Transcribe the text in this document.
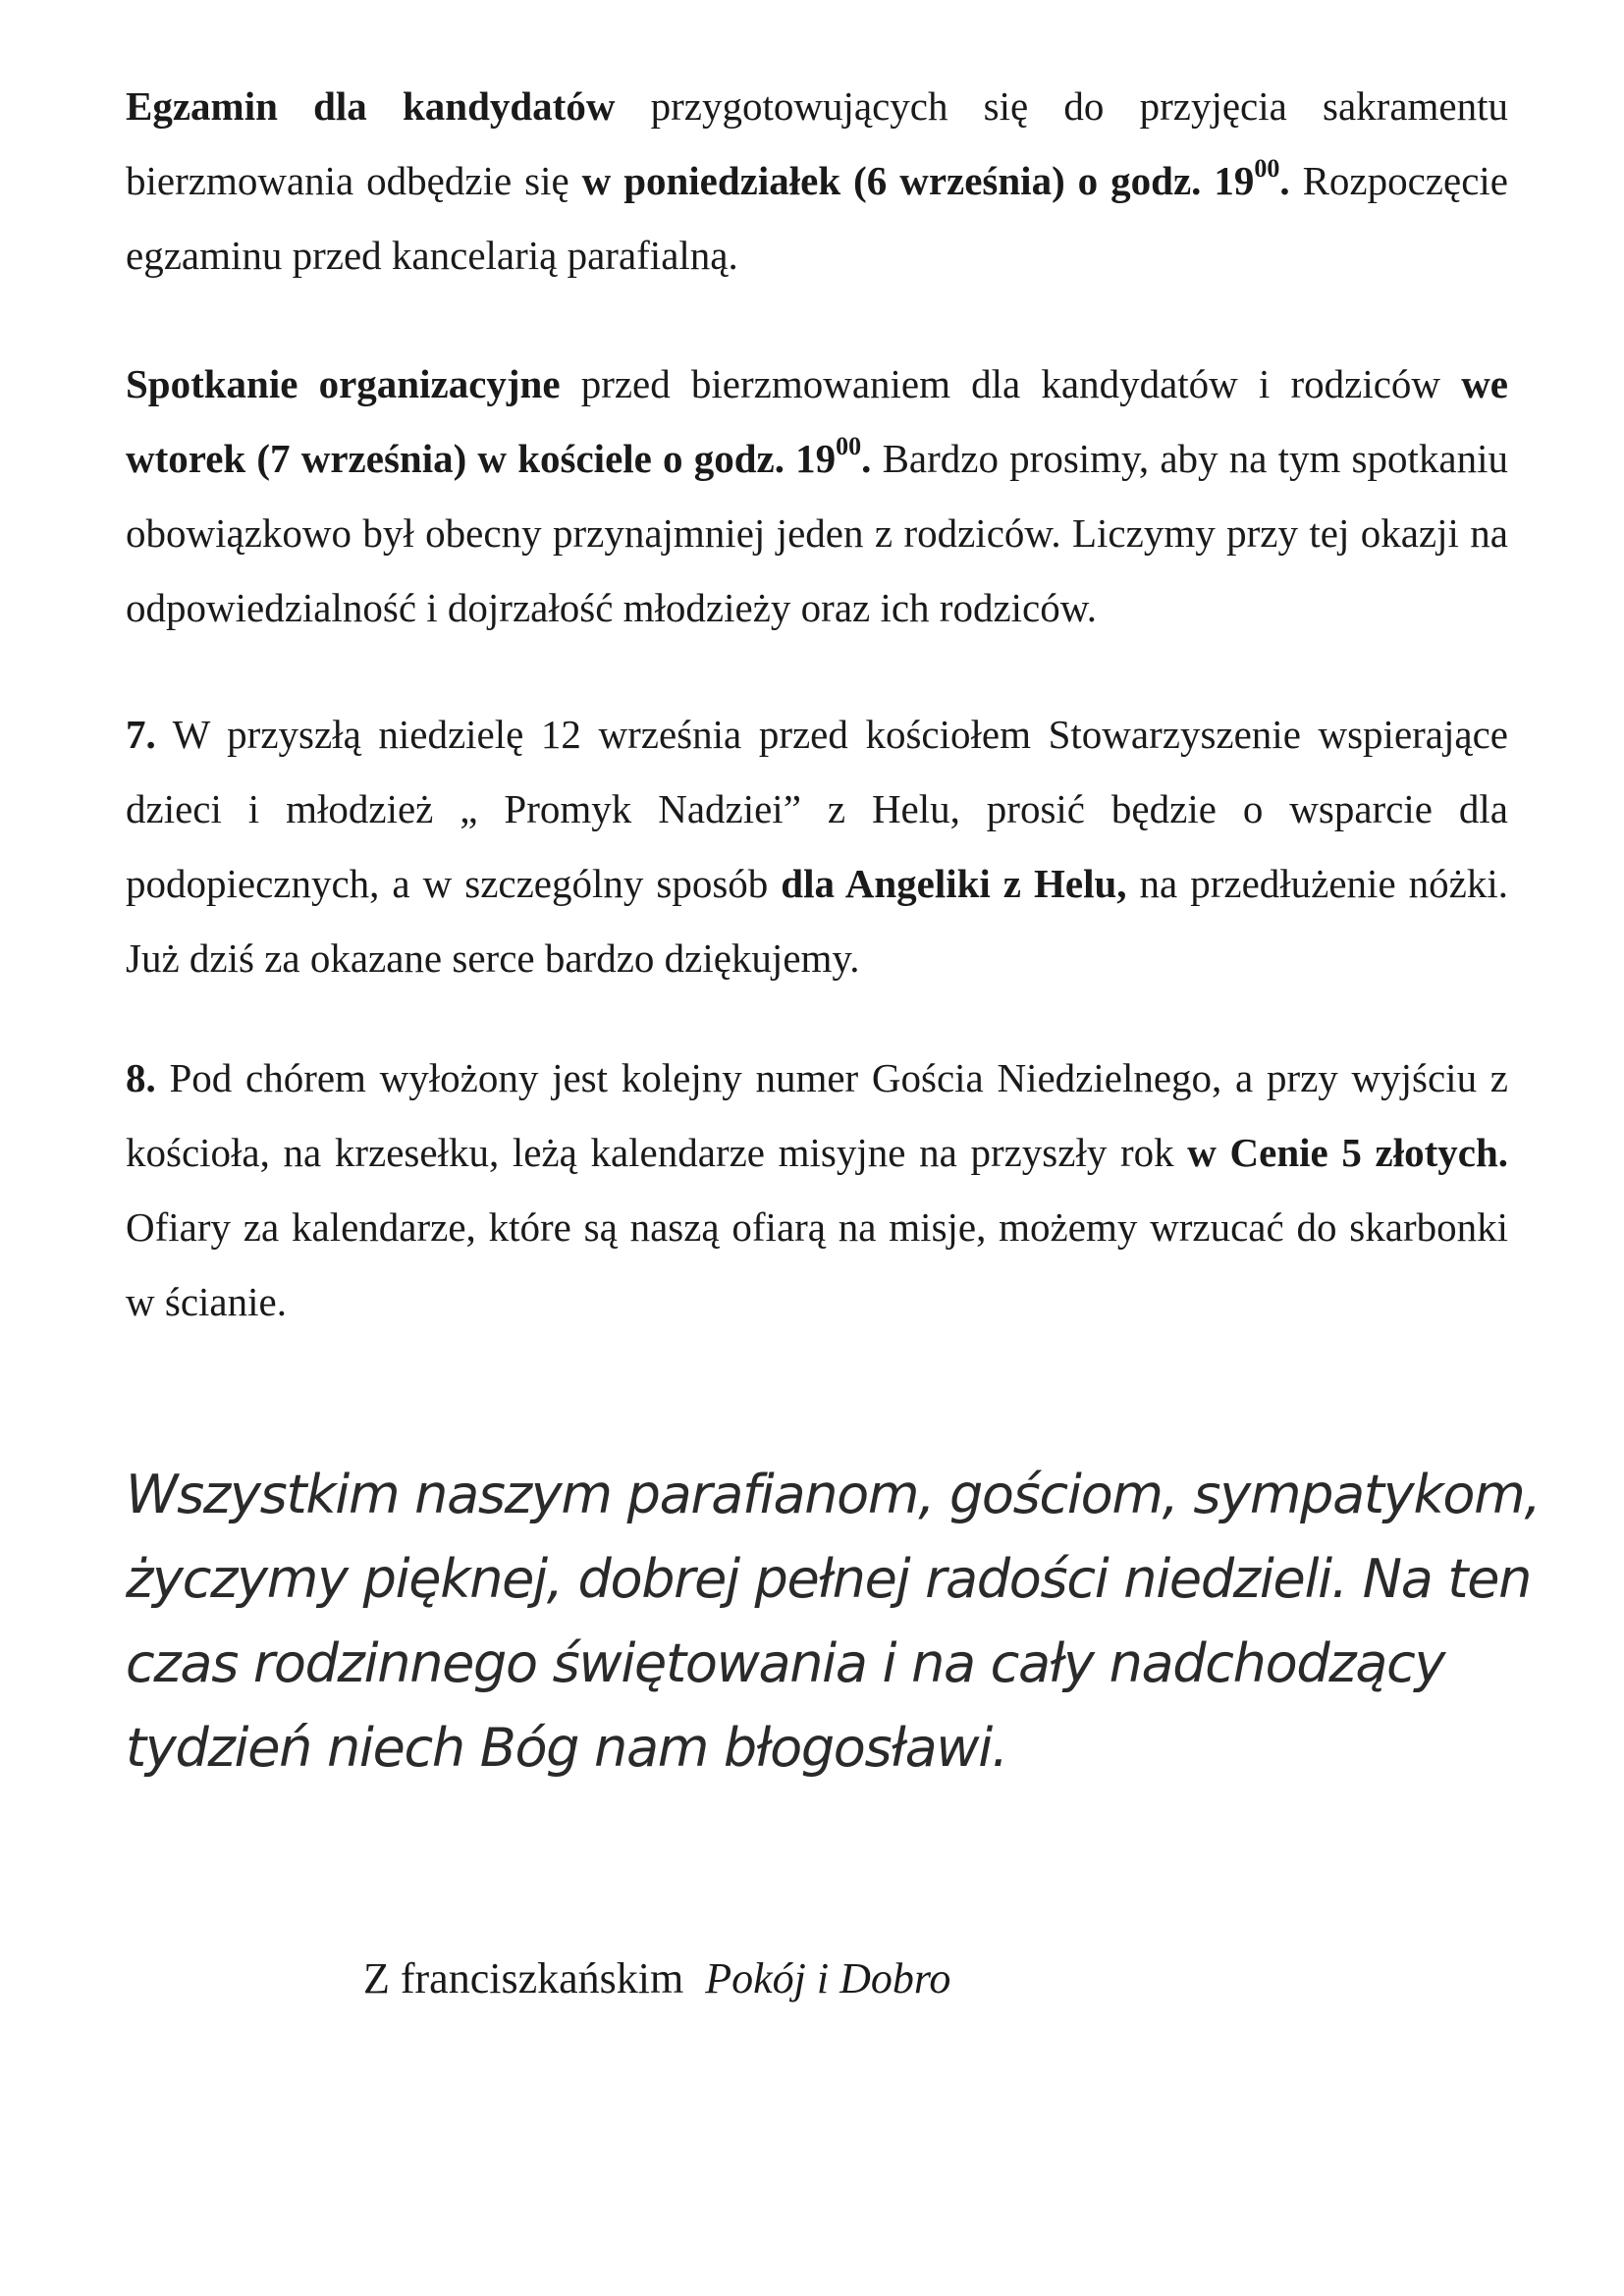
Egzamin dla kandydatów przygotowujących się do przyjęcia sakramentu bierzmowania odbędzie się w poniedziałek (6 września) o godz. $19^{00}$. Rozpoczęcie egzaminu przed kancelarią parafialną.

Spotkanie organizacyjne przed bierzmowaniem dla kandydatów i rodziców we wtorek (7 września) w kościele o godz. $19^{00}$. Bardzo prosimy, aby na tym spotkaniu obowiązkowo był obecny przynajmniej jeden z rodziców. Liczymy przy tej okazji na odpowiedzialność i dojrzałość młodzieży oraz ich rodziców.

7. W przyszłą niedzielę 12 września przed kościołem Stowarzyszenie wspierające dzieci i młodzież „ Promyk Nadziei” z Helu, prosić będzie o wsparcie dla podopiecznych, a w szczególny sposób dla Angeliki z Helu, na przedłużenie nóżki. Już dziś za okazane serce bardzo dziękujemy.

8. Pod chórem wyłożony jest kolejny numer Gościa Niedzielnego, a przy wyjściu z kościoła, na krzesełku, leżą kalendarze misyjne na przyszły rok w Cenie 5 złotych. Ofiary za kalendarze, które są naszą ofiarą na misje, możemy wrzucać do skarbonki w ścianie.

Wszystkim naszym parafianom, gościom, sympatykom,
życzymy pięknej, dobrej pełnej radości niedzieli. Na ten
czas rodzinnego świętowania i na cały nadchodzący
tydzień niech Bóg nam błogosławi.
Z franciszkańskim  Pokój i Dobro
